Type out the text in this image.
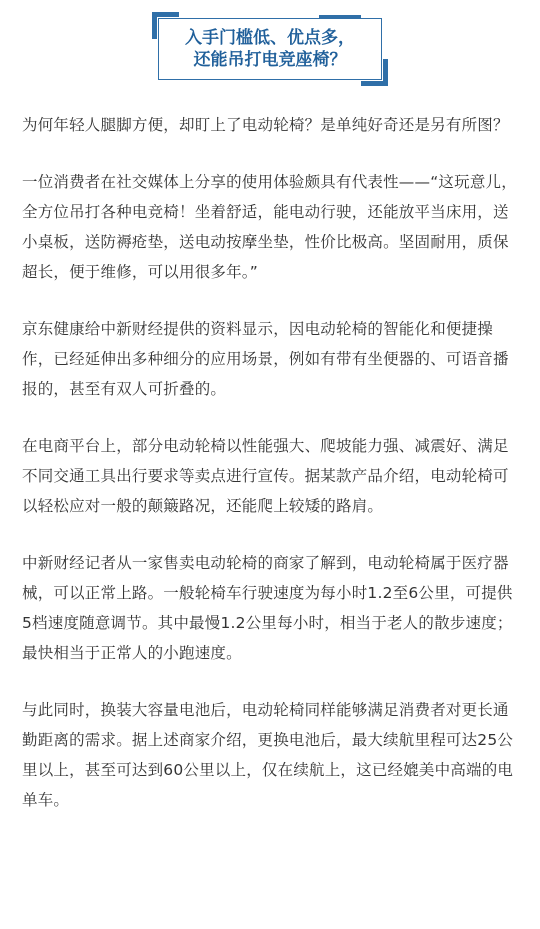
入手门槛低、优点多，
还能吊打电竞座椅？

为何年轻人腿脚方便，却盯上了电动轮椅？是单纯好奇还是另有所图？

一位消费者在社交媒体上分享的使用体验颇具有代表性——“这玩意儿，全方位吊打各种电竞椅！坐着舒适，能电动行驶，还能放平当床用，送小桌板，送防褥疮垫，送电动按摩坐垫，性价比极高。坚固耐用，质保超长，便于维修，可以用很多年。”

京东健康给中新财经提供的资料显示，因电动轮椅的智能化和便捷操作，已经延伸出多种细分的应用场景，例如有带有坐便器的、可语音播报的，甚至有双人可折叠的。

在电商平台上，部分电动轮椅以性能强大、爬坡能力强、减震好、满足不同交通工具出行要求等卖点进行宣传。据某款产品介绍，电动轮椅可以轻松应对一般的颠簸路况，还能爬上较矮的路肩。

中新财经记者从一家售卖电动轮椅的商家了解到，电动轮椅属于医疗器械，可以正常上路。一般轮椅车行驶速度为每小时1.2至6公里，可提供5档速度随意调节。其中最慢1.2公里每小时，相当于老人的散步速度；最快相当于正常人的小跑速度。

与此同时，换装大容量电池后，电动轮椅同样能够满足消费者对更长通勤距离的需求。据上述商家介绍，更换电池后，最大续航里程可达25公里以上，甚至可达到60公里以上，仅在续航上，这已经媲美中高端的电单车。
